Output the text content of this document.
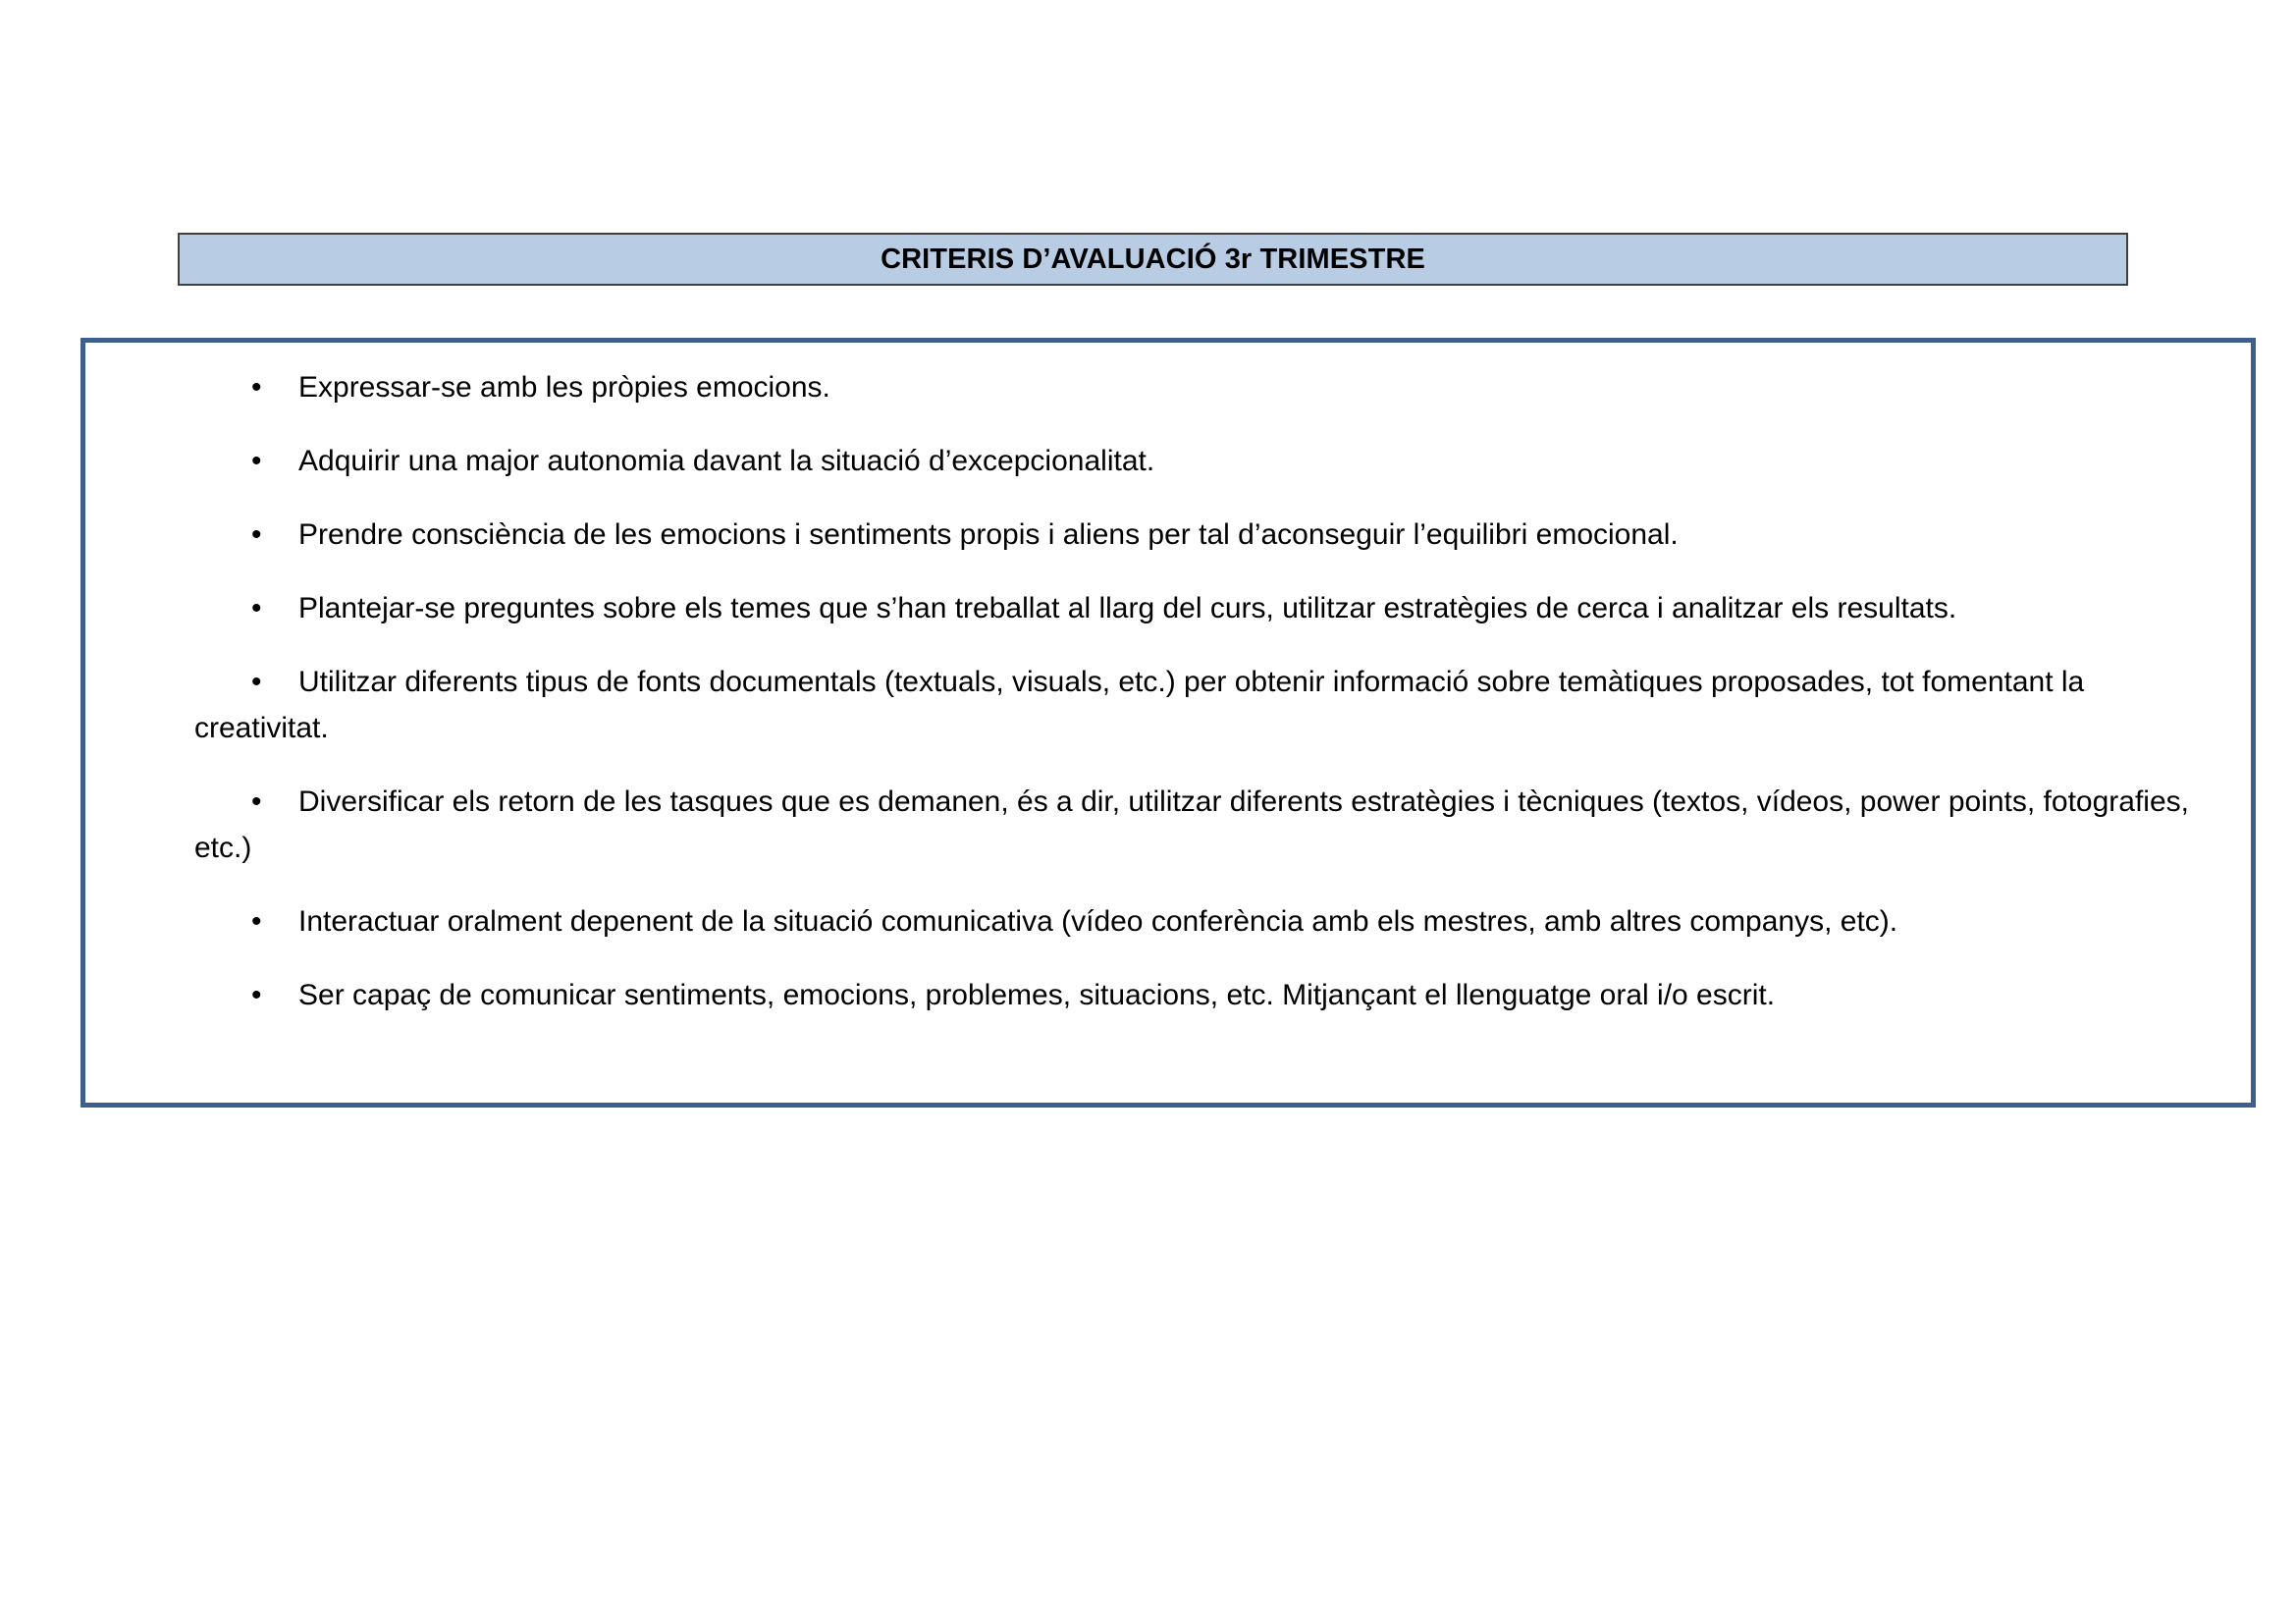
CRITERIS D’AVALUACIÓ 3r TRIMESTRE
• Expressar-se amb les pròpies emocions.
• Adquirir una major autonomia davant la situació d’excepcionalitat.
• Prendre consciència de les emocions i sentiments propis i aliens per tal d’aconseguir l’equilibri emocional.
• Plantejar-se preguntes sobre els temes que s’han treballat al llarg del curs, utilitzar estratègies de cerca i analitzar els resultats.
• Utilitzar diferents tipus de fonts documentals (textuals, visuals, etc.) per obtenir informació sobre temàtiques proposades, tot fomentant la creativitat.
• Diversificar els retorn de les tasques que es demanen, és a dir, utilitzar diferents estratègies i tècniques (textos, vídeos, power points, fotografies, etc.)
• Interactuar oralment depenent de la situació comunicativa (vídeo conferència amb els mestres, amb altres companys, etc).
• Ser capaç de comunicar sentiments, emocions, problemes, situacions, etc. Mitjançant el llenguatge oral i/o escrit.
